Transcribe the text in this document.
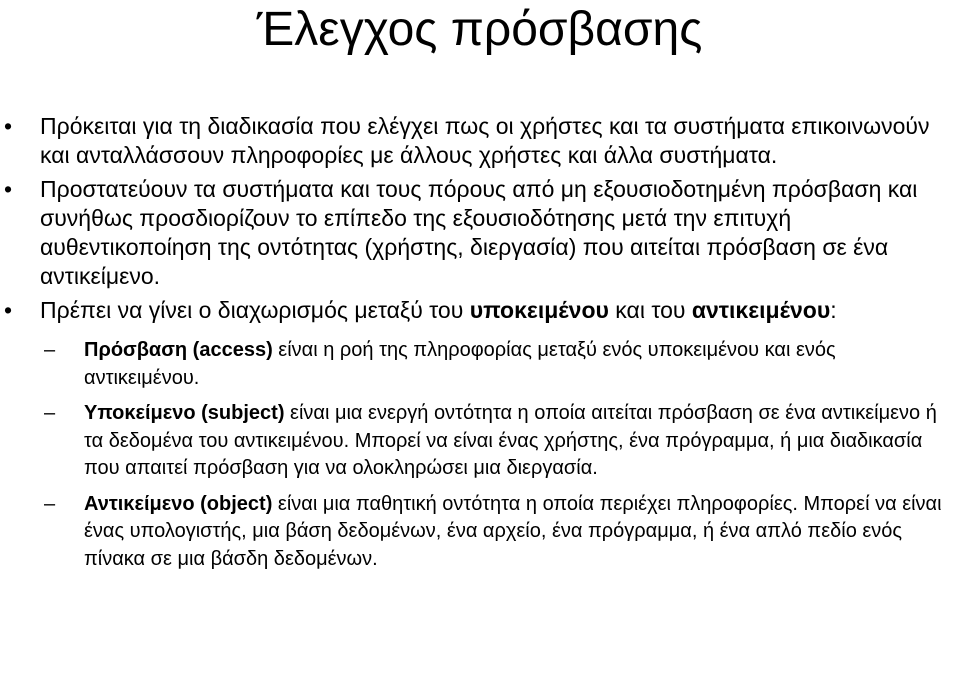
Έλεγχος πρόσβασης
•	Πρόκειται για τη διαδικασία που ελέγχει πως οι χρήστες και τα συστήματα επικοινωνούν και ανταλλάσσουν πληροφορίες με άλλους χρήστες και άλλα συστήματα.
•	Προστατεύουν τα συστήματα και τους πόρους από μη εξουσιοδοτημένη πρόσβαση και συνήθως προσδιορίζουν το επίπεδο της εξουσιοδότησης μετά την επιτυχή αυθεντικοποίηση της οντότητας (χρήστης, διεργασία) που αιτείται πρόσβαση σε ένα αντικείμενο.
•	Πρέπει να γίνει ο διαχωρισμός μεταξύ του υποκειμένου και του αντικειμένου:
–	Πρόσβαση (access) είναι η ροή της πληροφορίας μεταξύ ενός υποκειμένου και ενός αντικειμένου.
–	Υποκείμενο (subject) είναι μια ενεργή οντότητα η οποία αιτείται πρόσβαση σε ένα αντικείμενο ή τα δεδομένα του αντικειμένου. Μπορεί να είναι ένας χρήστης, ένα πρόγραμμα, ή μια διαδικασία που απαιτεί πρόσβαση για να ολοκληρώσει μια διεργασία.
–	Αντικείμενο (object) είναι μια παθητική οντότητα η οποία περιέχει πληροφορίες. Μπορεί να είναι ένας υπολογιστής, μια βάση δεδομένων, ένα αρχείο, ένα πρόγραμμα, ή ένα απλό πεδίο ενός πίνακα σε μια βάσδη δεδομένων.
